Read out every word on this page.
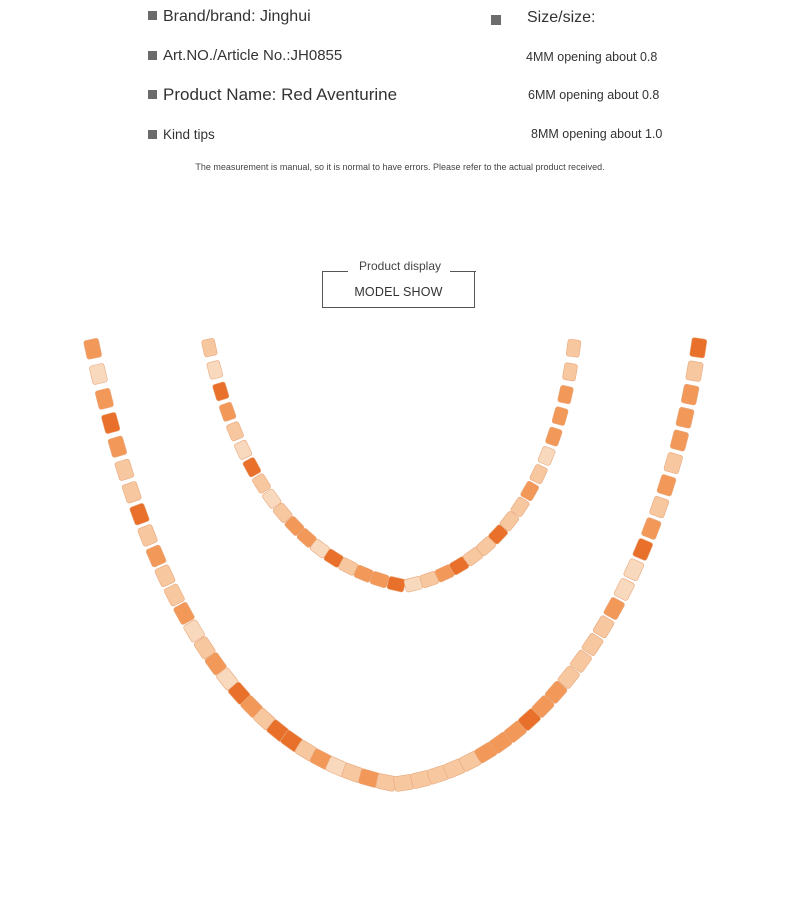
Brand/brand: Jinghui
Art.NO./Article No.:JH0855
Product Name: Red Aventurine
Kind tips
Size/size:
4MM opening about 0.8
6MM opening about 0.8
8MM opening about 1.0
The measurement is manual, so it is normal to have errors. Please refer to the actual product received.
Product display
MODEL SHOW
